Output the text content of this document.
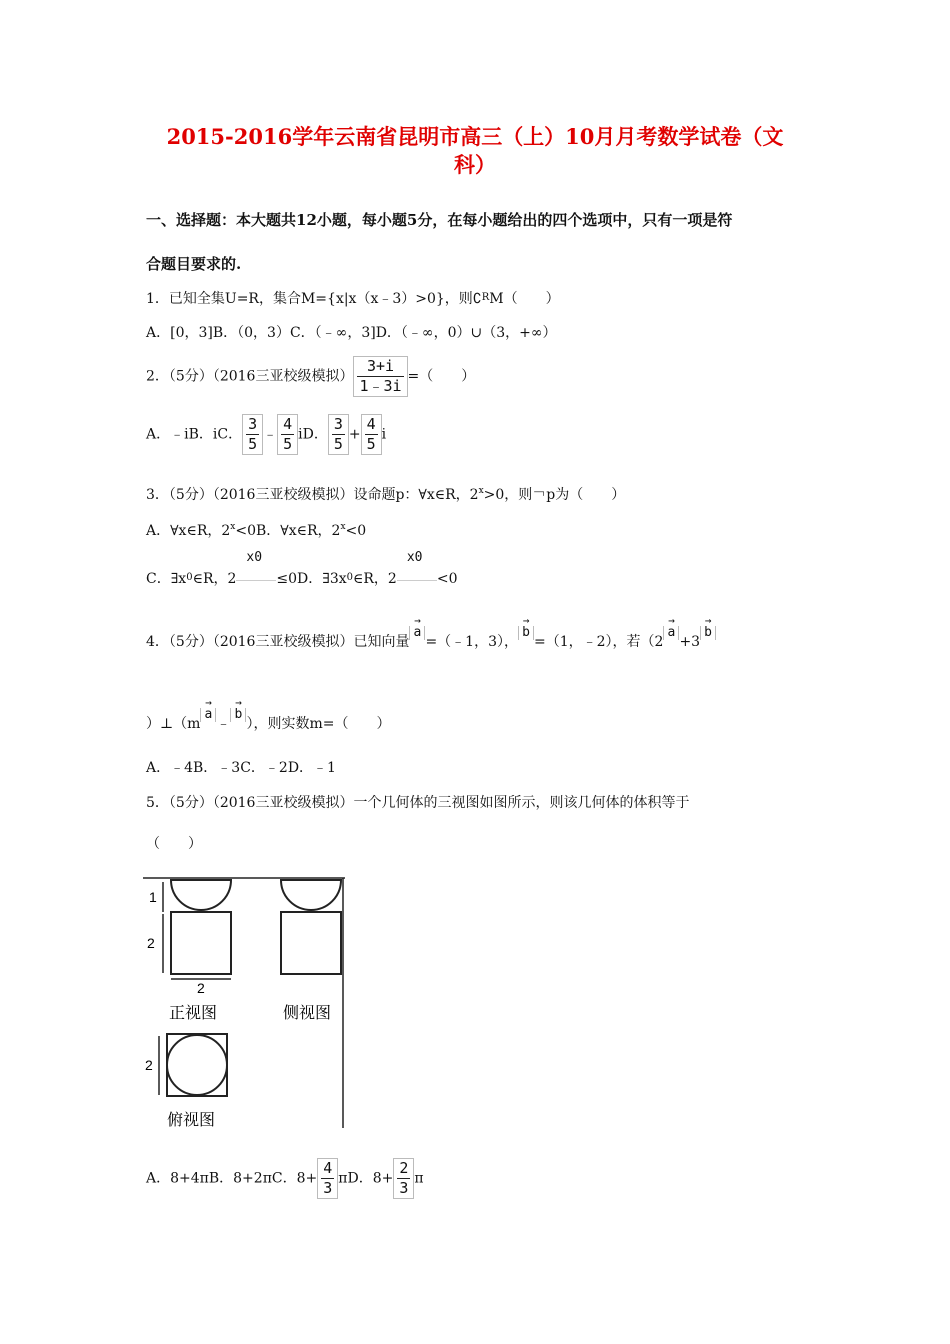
2015-2016学年云南省昆明市高三（上）10月月考数学试卷（文
科）
一、选择题：本大题共12小题，每小题5分，在每小题给出的四个选项中，只有一项是符
合题目要求的.
1．已知全集U=R，集合M={x|x（x﹣3）>0}，则∁$^R$M（　　）
A．[0，3]B．（0，3）C．（﹣∞，3]D．（﹣∞，0）∪（3，+∞）
2．（5分）（2016三亚校级模拟） $\frac{3+i}{1﹣3i}$ =（　　）
A．﹣iB．iC． $\frac{3}{5}$ ﹣ $\frac{4}{5}$ iD． $\frac{3}{5} + \frac{4}{5}$ i
3．（5分）（2016三亚校级模拟）设命题p：∀x∈R，$2^x>0$，则￢p为（　　）
A．∀x∈R，$2^x<0B$．∀x∈R，$2^x<0$
C．$\exists x^0\in R$，2
x0
≤0D．$\exists 3x^0\in R$，2
x0
<0
4．（5分）（2016三亚校级模拟）已知向量→ a=（﹣1，3），→ b=（1，﹣2），若（2→ a+3→ b
）⊥（m→ a﹣→ b），则实数m=（　　）
A．﹣4B．﹣3C．﹣2D．﹣1
5．（5分）（2016三亚校级模拟）一个几何体的三视图如图所示，则该几何体的体积等于
（　　）
1
2
2
正视图	侧视图
2
俯视图
A．8+4πB．8+2πC．$8+ \frac{4}{3}$ πD．$8+ \frac{2}{3}$ π
